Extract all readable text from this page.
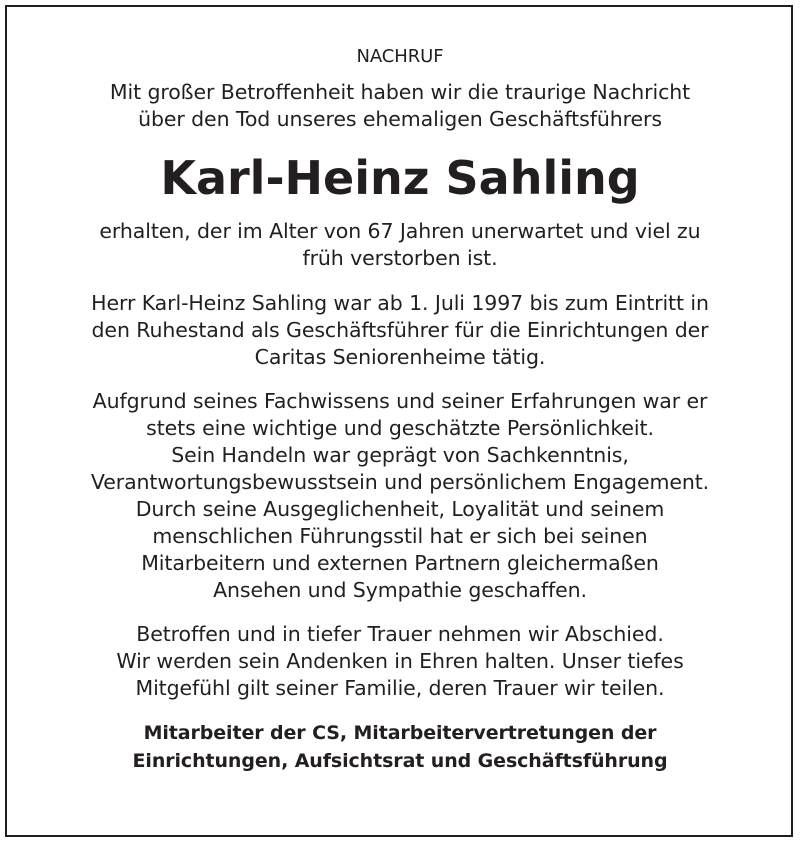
NACHRUF
Mit großer Betroffenheit haben wir die traurige Nachricht
über den Tod unseres ehemaligen Geschäftsführers
Karl-Heinz Sahling
erhalten, der im Alter von 67 Jahren unerwartet und viel zu
früh verstorben ist.
Herr Karl-Heinz Sahling war ab 1. Juli 1997 bis zum Eintritt in
den Ruhestand als Geschäftsführer für die Einrichtungen der
Caritas Seniorenheime tätig.
Aufgrund seines Fachwissens und seiner Erfahrungen war er
stets eine wichtige und geschätzte Persönlichkeit.
Sein Handeln war geprägt von Sachkenntnis,
Verantwortungsbewusstsein und persönlichem Engagement.
Durch seine Ausgeglichenheit, Loyalität und seinem
menschlichen Führungsstil hat er sich bei seinen
Mitarbeitern und externen Partnern gleichermaßen
Ansehen und Sympathie geschaffen.
Betroffen und in tiefer Trauer nehmen wir Abschied.
Wir werden sein Andenken in Ehren halten. Unser tiefes
Mitgefühl gilt seiner Familie, deren Trauer wir teilen.
Mitarbeiter der CS, Mitarbeitervertretungen der
Einrichtungen, Aufsichtsrat und Geschäftsführung
